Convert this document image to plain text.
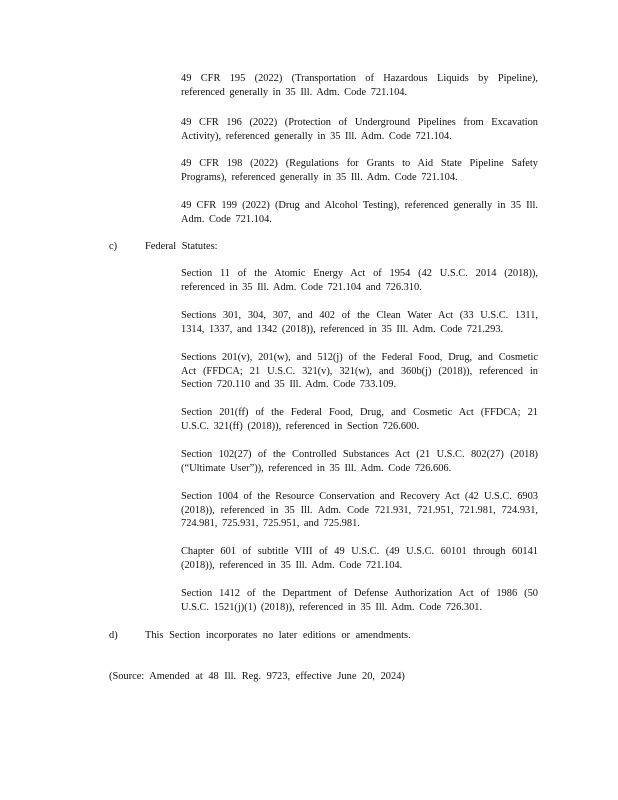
49 CFR 195 (2022) (Transportation of Hazardous Liquids by Pipeline), referenced generally in 35 Ill. Adm. Code 721.104.

49 CFR 196 (2022) (Protection of Underground Pipelines from Excavation Activity), referenced generally in 35 Ill. Adm. Code 721.104.

49 CFR 198 (2022) (Regulations for Grants to Aid State Pipeline Safety Programs), referenced generally in 35 Ill. Adm. Code 721.104.

49 CFR 199 (2022) (Drug and Alcohol Testing), referenced generally in 35 Ill. Adm. Code 721.104.

c)	Federal Statutes:

Section 11 of the Atomic Energy Act of 1954 (42 U.S.C. 2014 (2018)), referenced in 35 Ill. Adm. Code 721.104 and 726.310.

Sections 301, 304, 307, and 402 of the Clean Water Act (33 U.S.C. 1311, 1314, 1337, and 1342 (2018)), referenced in 35 Ill. Adm. Code 721.293.

Sections 201(v), 201(w), and 512(j) of the Federal Food, Drug, and Cosmetic Act (FFDCA; 21 U.S.C. 321(v), 321(w), and 360b(j) (2018)), referenced in Section 720.110 and 35 Ill. Adm. Code 733.109.

Section 201(ff) of the Federal Food, Drug, and Cosmetic Act (FFDCA; 21 U.S.C. 321(ff) (2018)), referenced in Section 726.600.

Section 102(27) of the Controlled Substances Act (21 U.S.C. 802(27) (2018) (“Ultimate User”)), referenced in 35 Ill. Adm. Code 726.606.

Section 1004 of the Resource Conservation and Recovery Act (42 U.S.C. 6903 (2018)), referenced in 35 Ill. Adm. Code 721.931, 721.951, 721.981, 724.931, 724.981, 725.931, 725.951, and 725.981.

Chapter 601 of subtitle VIII of 49 U.S.C. (49 U.S.C. 60101 through 60141 (2018)), referenced in 35 Ill. Adm. Code 721.104.

Section 1412 of the Department of Defense Authorization Act of 1986 (50 U.S.C. 1521(j)(1) (2018)), referenced in 35 Ill. Adm. Code 726.301.

d)	This Section incorporates no later editions or amendments.

(Source: Amended at 48 Ill. Reg. 9723, effective June 20, 2024)
